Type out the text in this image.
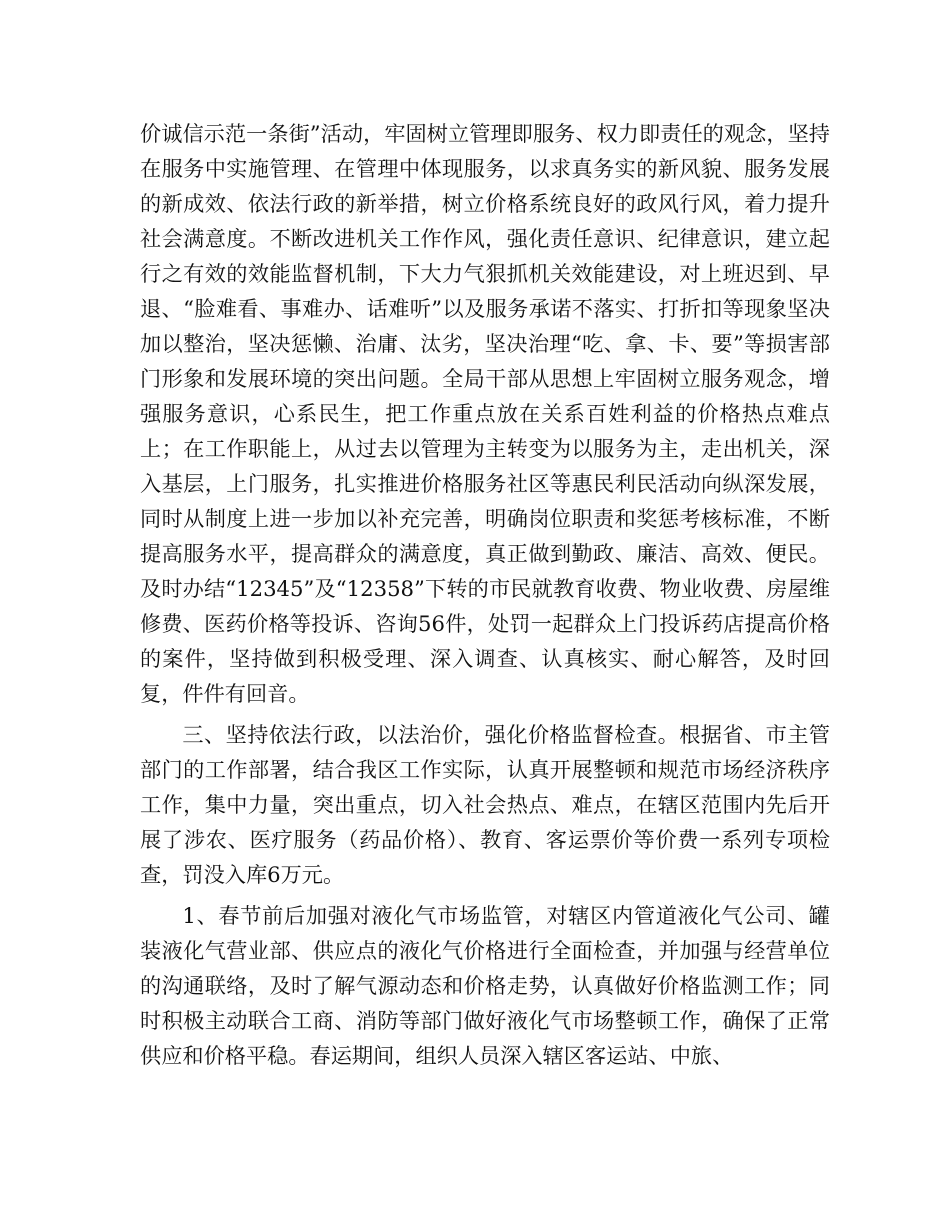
价诚信示范一条街”活动，牢固树立管理即服务、权力即责任的观念，坚持在服务中实施管理、在管理中体现服务，以求真务实的新风貌、服务发展的新成效、依法行政的新举措，树立价格系统良好的政风行风，着力提升社会满意度。不断改进机关工作作风，强化责任意识、纪律意识，建立起行之有效的效能监督机制，下大力气狠抓机关效能建设，对上班迟到、早退、“脸难看、事难办、话难听”以及服务承诺不落实、打折扣等现象坚决加以整治，坚决惩懒、治庸、汰劣，坚决治理“吃、拿、卡、要”等损害部门形象和发展环境的突出问题。全局干部从思想上牢固树立服务观念，增强服务意识，心系民生，把工作重点放在关系百姓利益的价格热点难点上；在工作职能上，从过去以管理为主转变为以服务为主，走出机关，深入基层，上门服务，扎实推进价格服务社区等惠民利民活动向纵深发展，同时从制度上进一步加以补充完善，明确岗位职责和奖惩考核标准，不断提高服务水平，提高群众的满意度，真正做到勤政、廉洁、高效、便民。及时办结“12345”及“12358”下转的市民就教育收费、物业收费、房屋维修费、医药价格等投诉、咨询56件，处罚一起群众上门投诉药店提高价格的案件，坚持做到积极受理、深入调查、认真核实、耐心解答，及时回复，件件有回音。

三、坚持依法行政，以法治价，强化价格监督检查。根据省、市主管部门的工作部署，结合我区工作实际，认真开展整顿和规范市场经济秩序工作，集中力量，突出重点，切入社会热点、难点，在辖区范围内先后开展了涉农、医疗服务（药品价格）、教育、客运票价等价费一系列专项检查，罚没入库6万元。

1、春节前后加强对液化气市场监管，对辖区内管道液化气公司、罐装液化气营业部、供应点的液化气价格进行全面检查，并加强与经营单位的沟通联络，及时了解气源动态和价格走势，认真做好价格监测工作；同时积极主动联合工商、消防等部门做好液化气市场整顿工作，确保了正常供应和价格平稳。春运期间，组织人员深入辖区客运站、中旅、
